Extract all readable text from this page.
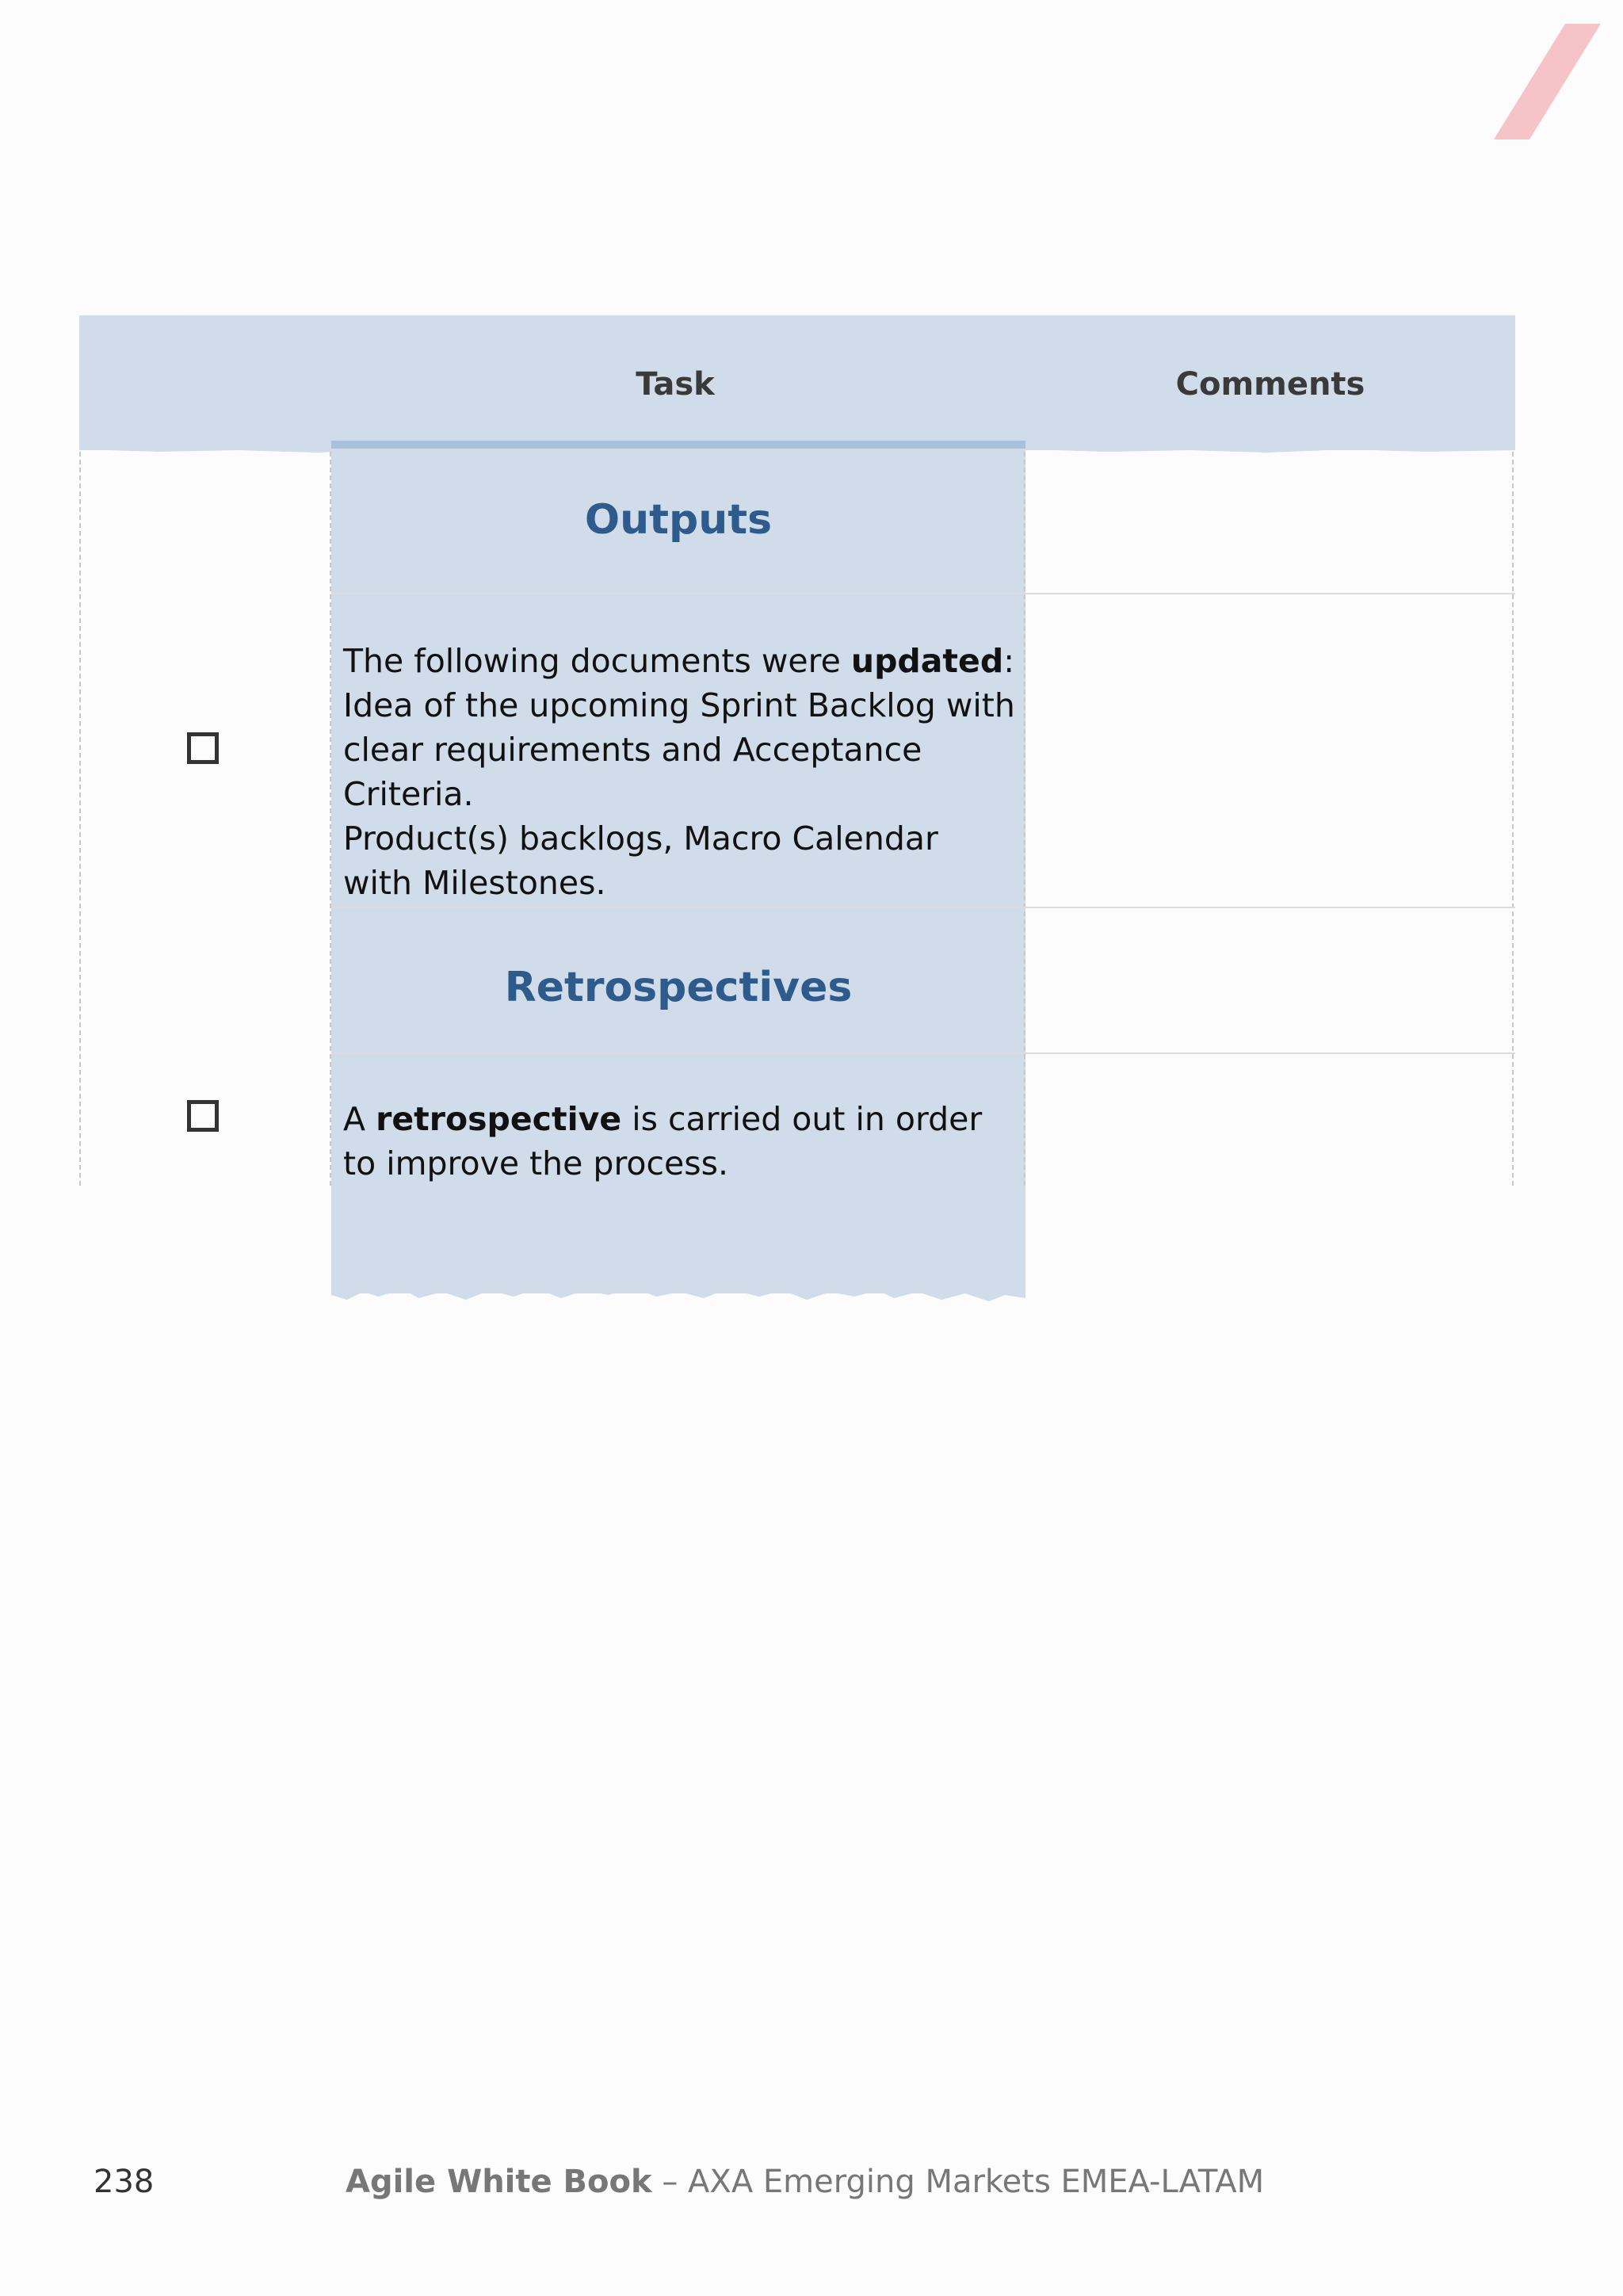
Task	Comments
Outputs
The following documents were updated:
Idea of the upcoming Sprint Backlog with clear requirements and Acceptance Criteria.
Product(s) backlogs, Macro Calendar with Milestones.
Retrospectives
A retrospective is carried out in order to improve the process.
238	Agile White Book – AXA Emerging Markets EMEA-LATAM
